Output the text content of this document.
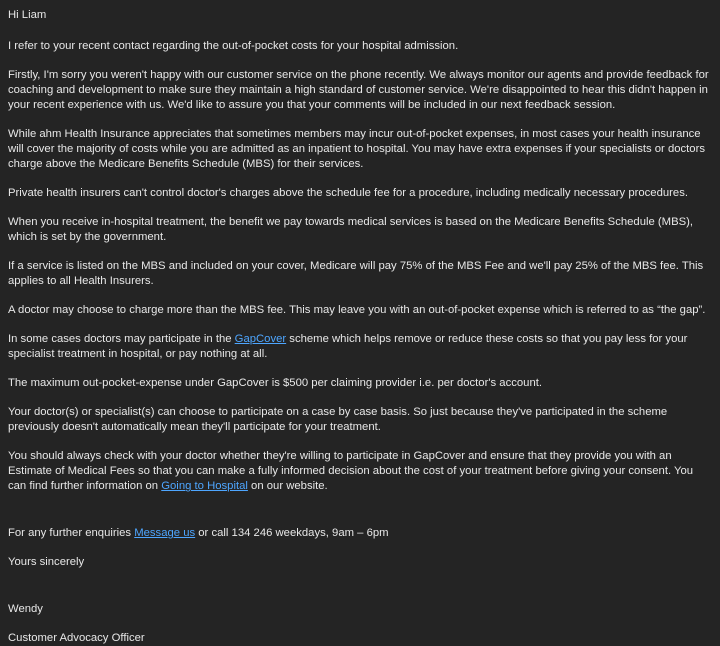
Hi Liam

I refer to your recent contact regarding the out-of-pocket costs for your hospital admission.

Firstly, I'm sorry you weren't happy with our customer service on the phone recently. We always monitor our agents and provide feedback for coaching and development to make sure they maintain a high standard of customer service. We're disappointed to hear this didn't happen in your recent experience with us. We'd like to assure you that your comments will be included in our next feedback session.

While ahm Health Insurance appreciates that sometimes members may incur out-of-pocket expenses, in most cases your health insurance will cover the majority of costs while you are admitted as an inpatient to hospital. You may have extra expenses if your specialists or doctors charge above the Medicare Benefits Schedule (MBS) for their services.

Private health insurers can't control doctor's charges above the schedule fee for a procedure, including medically necessary procedures.

When you receive in-hospital treatment, the benefit we pay towards medical services is based on the Medicare Benefits Schedule (MBS), which is set by the government.

If a service is listed on the MBS and included on your cover, Medicare will pay 75% of the MBS Fee and we'll pay 25% of the MBS fee. This applies to all Health Insurers.

A doctor may choose to charge more than the MBS fee. This may leave you with an out-of-pocket expense which is referred to as “the gap”.

In some cases doctors may participate in the GapCover scheme which helps remove or reduce these costs so that you pay less for your specialist treatment in hospital, or pay nothing at all.

The maximum out-pocket-expense under GapCover is $500 per claiming provider i.e. per doctor's account.

Your doctor(s) or specialist(s) can choose to participate on a case by case basis. So just because they've participated in the scheme previously doesn't automatically mean they'll participate for your treatment.

You should always check with your doctor whether they're willing to participate in GapCover and ensure that they provide you with an Estimate of Medical Fees so that you can make a fully informed decision about the cost of your treatment before giving your consent. You can find further information on Going to Hospital on our website.

For any further enquiries Message us or call 134 246 weekdays, 9am – 6pm

Yours sincerely

Wendy

Customer Advocacy Officer
